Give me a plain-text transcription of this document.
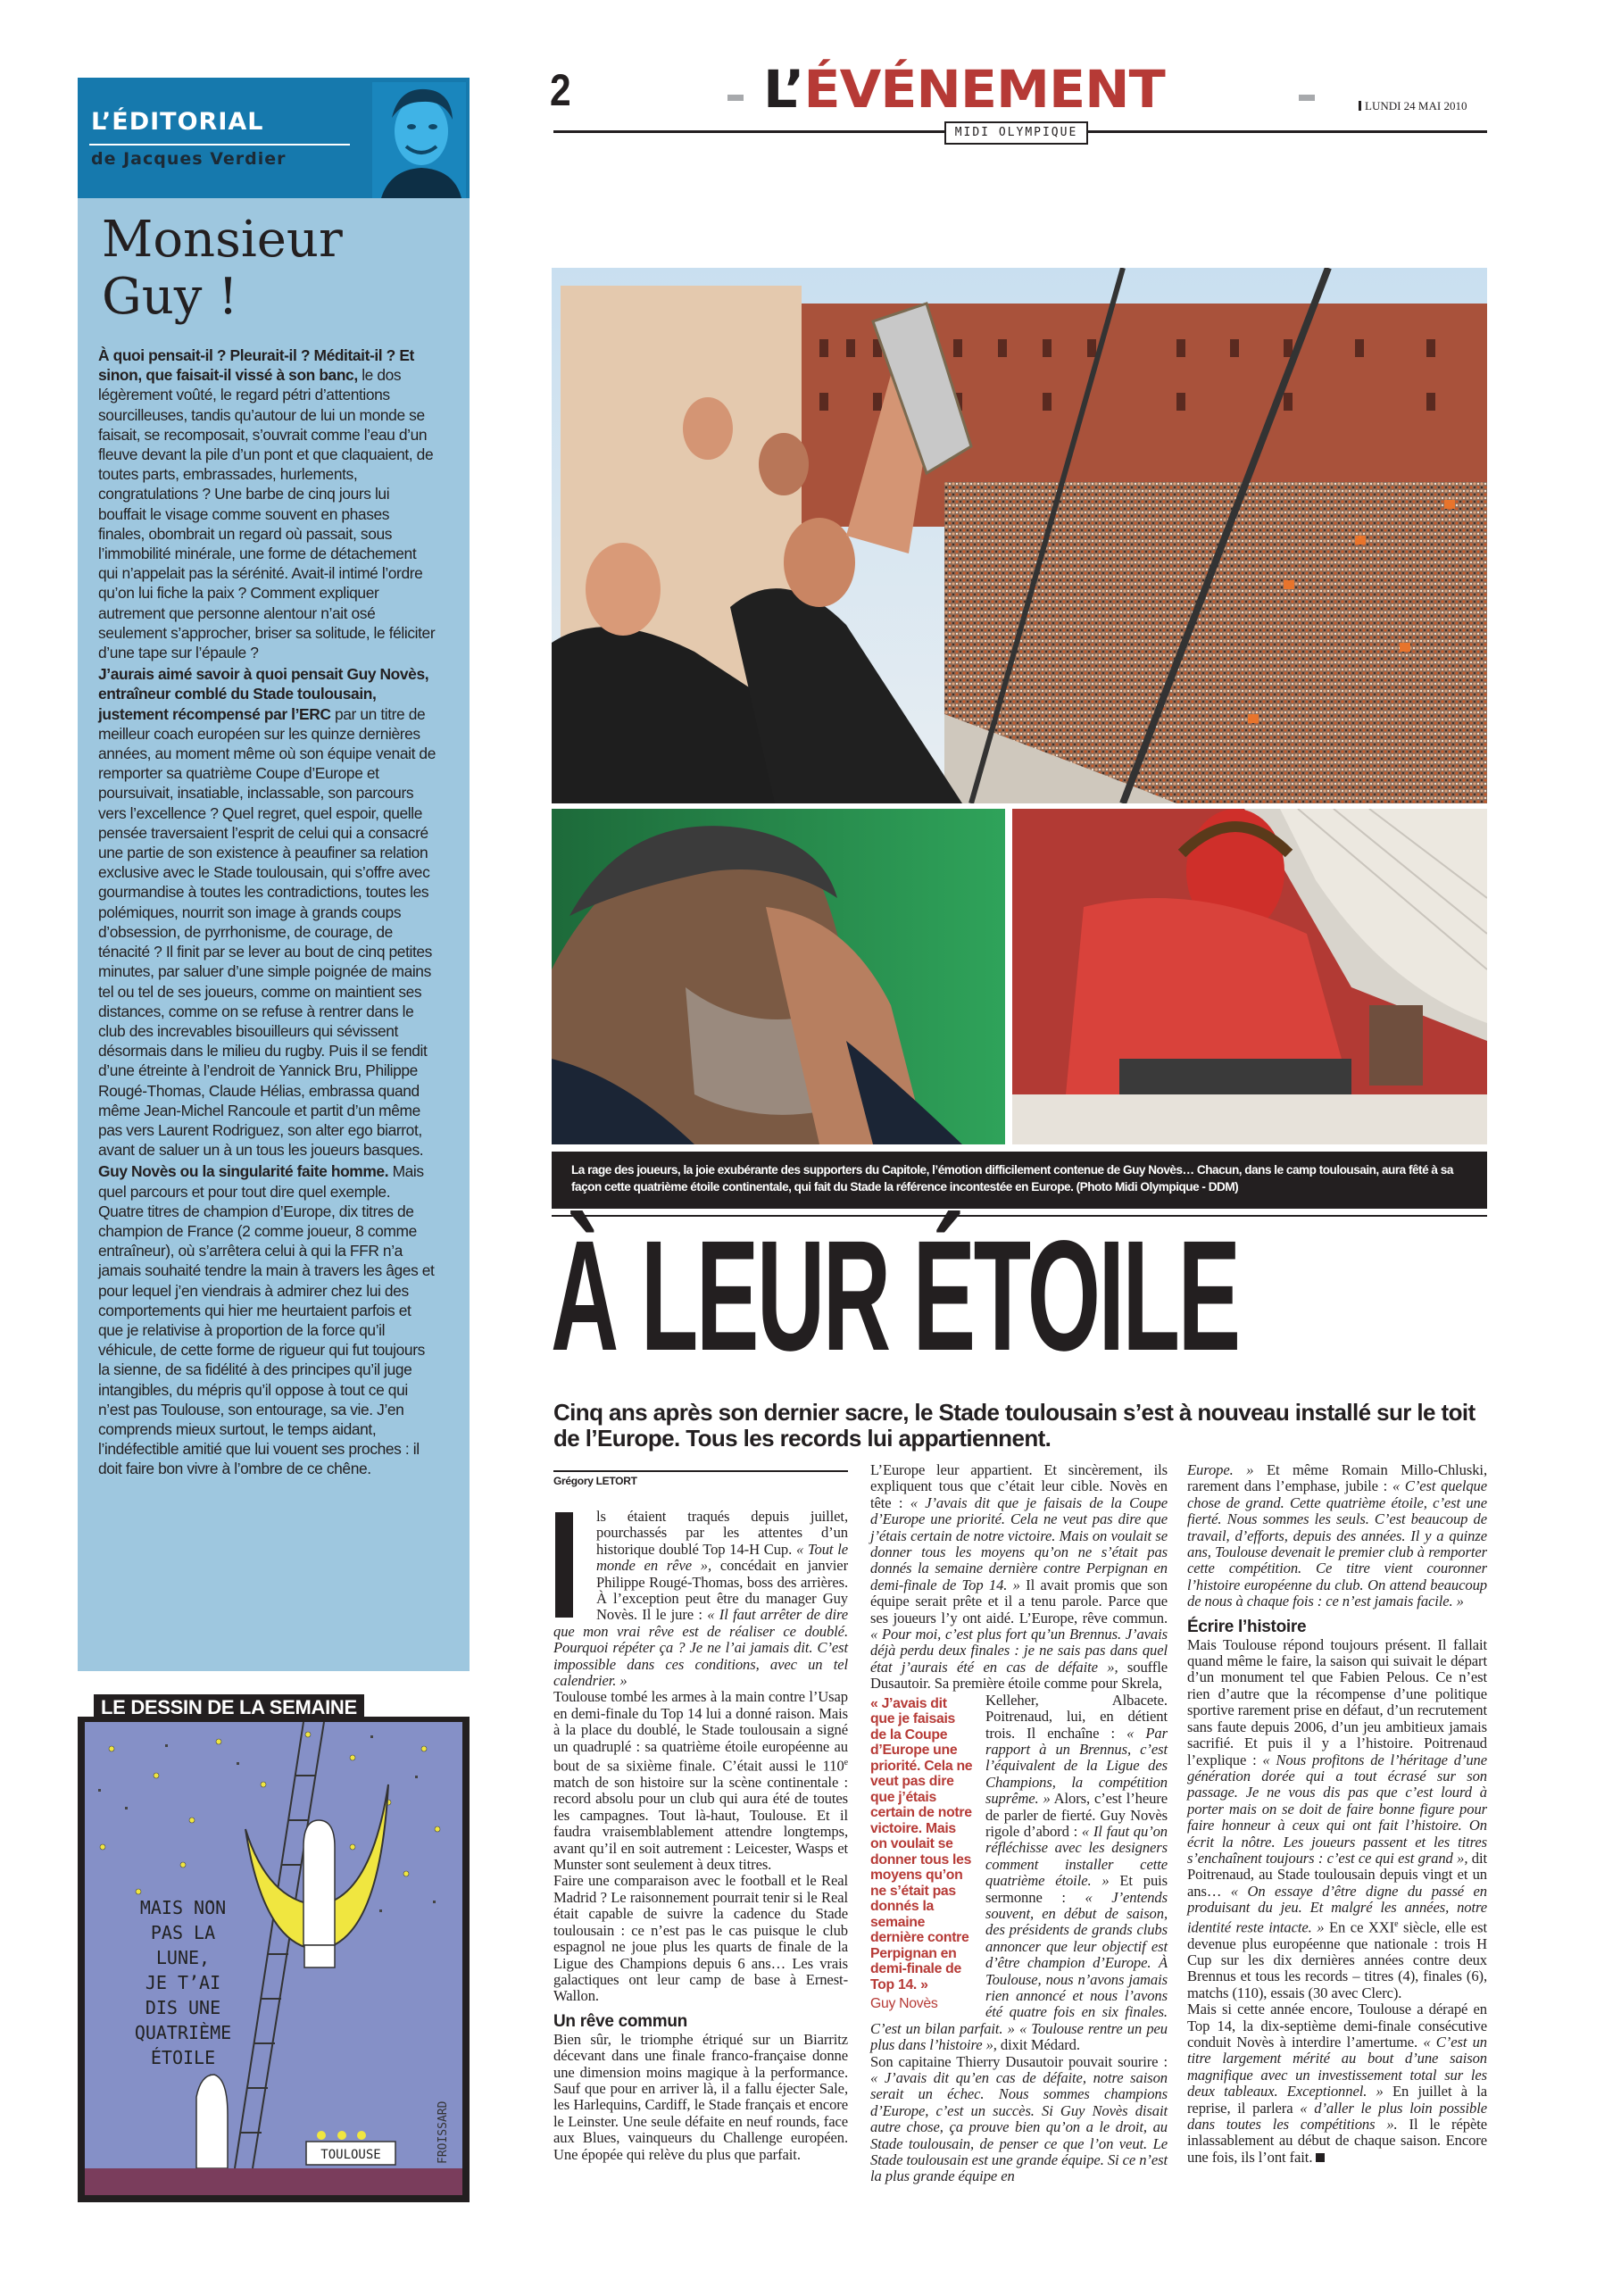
L’ÉDITORIAL
de Jacques Verdier
Monsieur Guy !

À quoi pensait-il ? Pleurait-il ? Méditait-il ? Et sinon, que faisait-il vissé à son banc, le dos légèrement voûté, le regard pétri d’attentions sourcilleuses, tandis qu’autour de lui un monde se faisait, se recomposait, s’ouvrait comme l’eau d’un fleuve devant la pile d’un pont et que claquaient, de toutes parts, embrassades, hurlements, congratulations ? Une barbe de cinq jours lui bouffait le visage comme souvent en phases finales, obombrait un regard où passait, sous l’immobilité minérale, une forme de détachement qui n’appelait pas la sérénité. Avait-il intimé l’ordre qu’on lui fiche la paix ? Comment expliquer autrement que personne alentour n’ait osé seulement s’approcher, briser sa solitude, le féliciter d’une tape sur l’épaule ?

J’aurais aimé savoir à quoi pensait Guy Novès, entraîneur comblé du Stade toulousain, justement récompensé par l’ERC par un titre de meilleur coach européen sur les quinze dernières années, au moment même où son équipe venait de remporter sa quatrième Coupe d’Europe et poursuivait, insatiable, inclassable, son parcours vers l’excellence ? Quel regret, quel espoir, quelle pensée traversaient l’esprit de celui qui a consacré une partie de son existence à peaufiner sa relation exclusive avec le Stade toulousain, qui s’offre avec gourmandise à toutes les contradictions, toutes les polémiques, nourrit son image à grands coups d’obsession, de pyrrhonisme, de courage, de ténacité ? Il finit par se lever au bout de cinq petites minutes, par saluer d’une simple poignée de mains tel ou tel de ses joueurs, comme on maintient ses distances, comme on se refuse à rentrer dans le club des increvables bisouilleurs qui sévissent désormais dans le milieu du rugby. Puis il se fendit d’une étreinte à l’endroit de Yannick Bru, Philippe Rougé-Thomas, Claude Hélias, embrassa quand même Jean-Michel Rancoule et partit d’un même pas vers Laurent Rodriguez, son alter ego biarrot, avant de saluer un à un tous les joueurs basques.

Guy Novès ou la singularité faite homme. Mais quel parcours et pour tout dire quel exemple. Quatre titres de champion d’Europe, dix titres de champion de France (2 comme joueur, 8 comme entraîneur), où s’arrêtera celui à qui la FFR n’a jamais souhaité tendre la main à travers les âges et pour lequel j’en viendrais à admirer chez lui des comportements qui hier me heurtaient parfois et que je relativise à proportion de la force qu’il véhicule, de cette forme de rigueur qui fut toujours la sienne, de sa fidélité à des principes qu’il juge intangibles, du mépris qu’il oppose à tout ce qui n’est pas Toulouse, son entourage, sa vie. J’en comprends mieux surtout, le temps aidant, l’indéfectible amitié que lui vouent ses proches : il doit faire bon vivre à l’ombre de ce chêne.

MAIS NON
PAS LA
LUNE,
JE T’AI
DIS UNE
QUATRIÈME
ÉTOILE
TOULOUSE	FROISSARD
LE DESSIN DE LA SEMAINE
2	L’ÉVÉNEMENT	LUNDI 24 MAI 2010
MIDI OLYMPIQUE
La rage des joueurs, la joie exubérante des supporters du Capitole, l’émotion difficilement contenue de Guy Novès… Chacun, dans le camp toulousain, aura fêté à sa façon cette quatrième étoile continentale, qui fait du Stade la référence incontestée en Europe. (Photo Midi Olympique - DDM)
À LEUR ÉTOILE
Cinq ans après son dernier sacre, le Stade toulousain s’est à nouveau installé sur le toit de l’Europe. Tous les records lui appartiennent.
Grégory LETORT

ls étaient traqués depuis juillet, pourchassés par les attentes d’un historique doublé Top 14-H Cup. « Tout le monde en rêve », concédait en janvier Philippe Rougé-Thomas, boss des arrières. À l’exception peut être du manager Guy Novès. Il le jure : « Il faut arrêter de dire que mon vrai rêve est de réaliser ce doublé. Pourquoi répéter ça ? Je ne l’ai jamais dit. C’est impossible dans ces conditions, avec un tel calendrier. »

Toulouse tombé les armes à la main contre l’Usap en demi-finale du Top 14 lui a donné raison. Mais à la place du doublé, le Stade toulousain a signé un quadruplé : sa quatrième étoile européenne au bout de sa sixième finale. C’était aussi le 110e match de son histoire sur la scène continentale : record absolu pour un club qui aura été de toutes les campagnes. Tout là-haut, Toulouse. Et il faudra vraisemblablement attendre longtemps, avant qu’il en soit autrement : Leicester, Wasps et Munster sont seulement à deux titres.

Faire une comparaison avec le football et le Real Madrid ? Le raisonnement pourrait tenir si le Real était capable de suivre la cadence du Stade toulousain : ce n’est pas le cas puisque le club espagnol ne joue plus les quarts de finale de la Ligue des Champions depuis 6 ans… Les vrais galactiques ont leur camp de base à Ernest-Wallon.

Un rêve commun

Bien sûr, le triomphe étriqué sur un Biarritz décevant dans une finale franco-française donne une dimension moins magique à la performance. Sauf que pour en arriver là, il a fallu éjecter Sale, les Harlequins, Cardiff, le Stade français et encore le Leinster. Une seule défaite en neuf rounds, face aux Blues, vainqueurs du Challenge européen. Une épopée qui relève du plus que parfait.

L’Europe leur appartient. Et sincèrement, ils expliquent tous que c’était leur cible. Novès en tête : « J’avais dit que je faisais de la Coupe d’Europe une priorité. Cela ne veut pas dire que j’étais certain de notre victoire. Mais on voulait se donner tous les moyens qu’on ne s’était pas donnés la semaine dernière contre Perpignan en demi-finale de Top 14. » Il avait promis que son équipe serait prête et il a tenu parole. Parce que ses joueurs l’y ont aidé. L’Europe, rêve commun. « Pour moi, c’est plus fort qu’un Brennus. J’avais déjà perdu deux finales : je ne sais pas dans quel état j’aurais été en cas de défaite », souffle Dusautoir. Sa première étoile comme pour Skrela,

« J’avais dit que je faisais de la Coupe d’Europe une priorité. Cela ne veut pas dire que j’étais certain de notre victoire. Mais on voulait se donner tous les moyens qu’on ne s’était pas donnés la semaine dernière contre Perpignan en demi-finale de Top 14. »
Guy Novès

Kelleher, Albacete. Poitrenaud, lui, en détient trois. Il enchaîne : « Par rapport à un Brennus, c’est l’équivalent de la Ligue des Champions, la compétition suprême. » Alors, c’est l’heure de parler de fierté. Guy Novès rigole d’abord : « Il faut qu’on réfléchisse avec les designers comment installer cette quatrième étoile. » Et puis sermonne : « J’entends souvent, en début de saison, des présidents de grands clubs annoncer que leur objectif est d’être champion d’Europe. À Toulouse, nous n’avons jamais rien annoncé et nous l’avons été quatre fois en six finales. C’est un bilan parfait. » « Toulouse rentre un peu plus dans l’histoire », dixit Médard.

Son capitaine Thierry Dusautoir pouvait sourire : « J’avais dit qu’en cas de défaite, notre saison serait un échec. Nous sommes champions d’Europe, c’est un succès. Si Guy Novès disait autre chose, ça prouve bien qu’on a le droit, au Stade toulousain, de penser ce que l’on veut. Le Stade toulousain est une grande équipe. Si ce n’est la plus grande équipe en

Europe. » Et même Romain Millo-Chluski, rarement dans l’emphase, jubile : « C’est quelque chose de grand. Cette quatrième étoile, c’est une fierté. Nous sommes les seuls. C’est beaucoup de travail, d’efforts, depuis des années. Il y a quinze ans, Toulouse devenait le premier club à remporter cette compétition. Ce titre vient couronner l’histoire européenne du club. On attend beaucoup de nous à chaque fois : ce n’est jamais facile. »

Écrire l’histoire

Mais Toulouse répond toujours présent. Il fallait quand même le faire, la saison qui suivait le départ d’un monument tel que Fabien Pelous. Ce n’est rien d’autre que la récompense d’une politique sportive rarement prise en défaut, d’un recrutement sans faute depuis 2006, d’un jeu ambitieux jamais sacrifié. Et puis il y a l’histoire. Poitrenaud l’explique : « Nous profitons de l’héritage d’une génération dorée qui a tout écrasé sur son passage. Je ne vous dis pas que c’est lourd à porter mais on se doit de faire bonne figure pour faire honneur à ceux qui ont fait l’histoire. On écrit la nôtre. Les joueurs passent et les titres s’enchaînent toujours : c’est ce qui est grand », dit Poitrenaud, au Stade toulousain depuis vingt et un ans… « On essaye d’être digne du passé en produisant du jeu. Et malgré les années, notre identité reste intacte. » En ce XXIe siècle, elle est devenue plus européenne que nationale : trois H Cup sur les dix dernières années contre deux Brennus et tous les records – titres (4), finales (6), matchs (110), essais (30 avec Clerc).

Mais si cette année encore, Toulouse a dérapé en Top 14, la dix-septième demi-finale consécutive conduit Novès à interdire l’amertume. « C’est un titre largement mérité au bout d’une saison magnifique avec un investissement total sur les deux tableaux. Exceptionnel. » En juillet à la reprise, il parlera « d’aller le plus loin possible dans toutes les compétitions ». Il le répète inlassablement au début de chaque saison. Encore une fois, ils l’ont fait.
